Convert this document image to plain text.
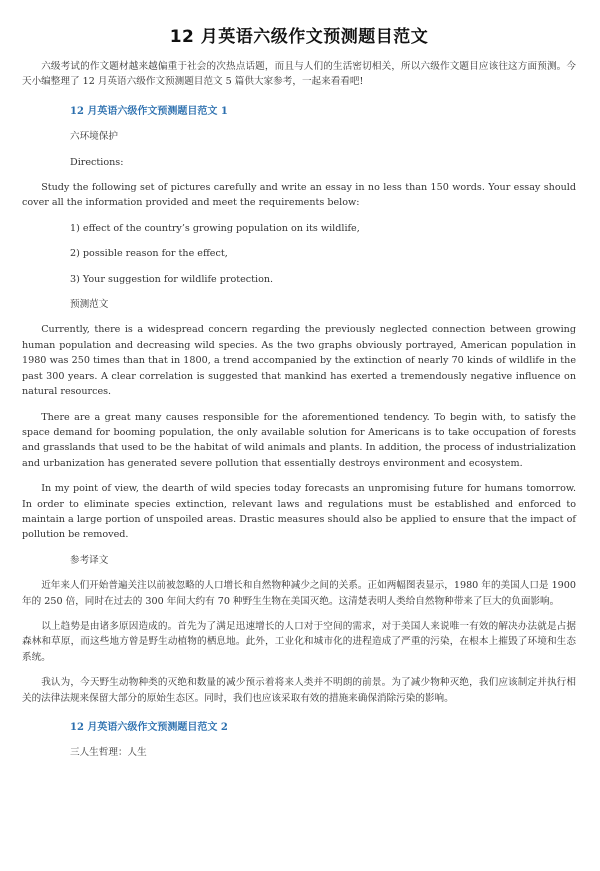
12 月英语六级作文预测题目范文

六级考试的作文题材越来越偏重于社会的次热点话题，而且与人们的生活密切相关，所以六级作文题目应该往这方面预测。今天小编整理了 12 月英语六级作文预测题目范文 5 篇供大家参考，一起来看看吧!

12 月英语六级作文预测题目范文 1

六环境保护

Directions:

Study the following set of pictures carefully and write an essay in no less than 150 words. Your essay should cover all the information provided and meet the requirements below:

1) effect of the country’s growing population on its wildlife,

2) possible reason for the effect,

3) Your suggestion for wildlife protection.

预测范文

Currently, there is a widespread concern regarding the previously neglected connection between growing human population and decreasing wild species. As the two graphs obviously portrayed, American population in 1980 was 250 times than that in 1800, a trend accompanied by the extinction of nearly 70 kinds of wildlife in the past 300 years. A clear correlation is suggested that mankind has exerted a tremendously negative influence on natural resources.

There are a great many causes responsible for the aforementioned tendency. To begin with, to satisfy the space demand for booming population, the only available solution for Americans is to take occupation of forests and grasslands that used to be the habitat of wild animals and plants. In addition, the process of industrialization and urbanization has generated severe pollution that essentially destroys environment and ecosystem.

In my point of view, the dearth of wild species today forecasts an unpromising future for humans tomorrow. In order to eliminate species extinction, relevant laws and regulations must be established and enforced to maintain a large portion of unspoiled areas. Drastic measures should also be applied to ensure that the impact of pollution be removed.

参考译文

近年来人们开始普遍关注以前被忽略的人口增长和自然物种减少之间的关系。正如两幅图表显示，1980 年的美国人口是 1900 年的 250 倍，同时在过去的 300 年间大约有 70 种野生生物在美国灭绝。这清楚表明人类给自然物种带来了巨大的负面影响。

以上趋势是由诸多原因造成的。首先为了满足迅速增长的人口对于空间的需求，对于美国人来说唯一有效的解决办法就是占据森林和草原，而这些地方曾是野生动植物的栖息地。此外，工业化和城市化的进程造成了严重的污染，在根本上摧毁了环境和生态系统。

我认为，今天野生动物种类的灭绝和数量的减少预示着将来人类并不明朗的前景。为了减少物种灭绝，我们应该制定并执行相关的法律法规来保留大部分的原始生态区。同时，我们也应该采取有效的措施来确保消除污染的影响。

12 月英语六级作文预测题目范文 2

三人生哲理：人生
